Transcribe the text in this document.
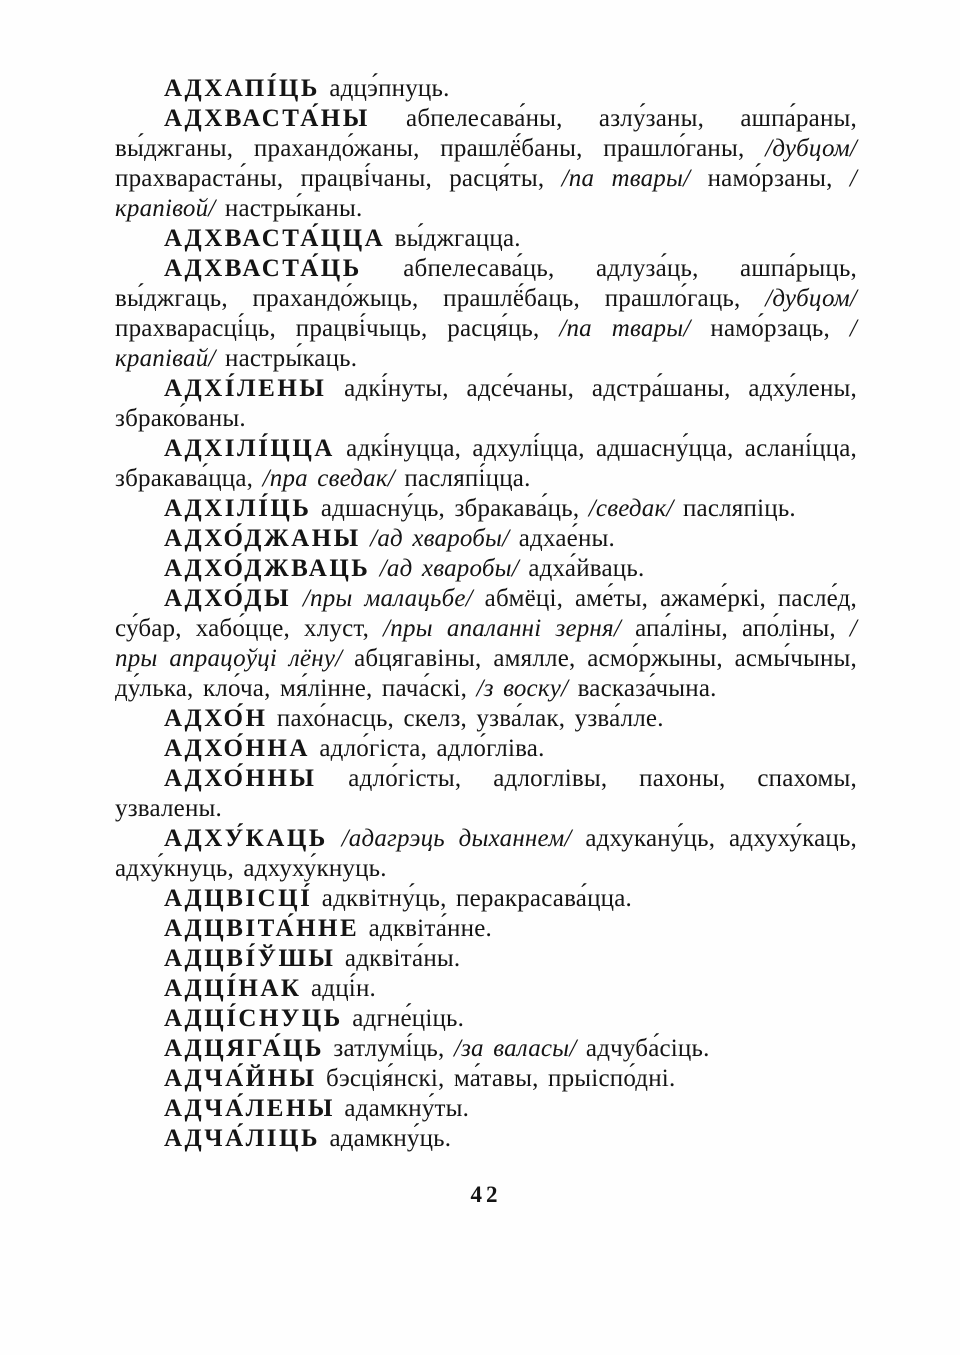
АДХАПІ́ЦЬ адцэ́пнуць.

АДХВАСТА́НЫ абпелесава́ны, азлу́заны, ашпа́раны, вы́джганы, прахандо́жаны, прашлё́баны, прашло́ганы, /дубцом/ прахвараста́ны, працві́чаны, расця́ты, /па твары/ намо́рзаны, /крапівой/ настры́каны.

АДХВАСТА́ЦЦА вы́джгацца.

АДХВАСТА́ЦЬ абпелесава́ць, адлуза́ць, ашпа́рыць, вы́джгаць, прахандо́жыць, прашлё́баць, прашло́гаць, /дубцом/ прахварасці́ць, працві́чыць, расця́ць, /па твары/ намо́рзаць, /крапівай/ настры́каць.

АДХІ́ЛЕНЫ адкі́нуты, адсе́чаны, адстра́шаны, адху́лены, збрако́ваны.

АДХІЛІ́ЦЦА адкі́нуцца, адхулі́цца, адшасну́цца, аслані́цца, збракава́цца, /пра сведак/ пасляпі́цца.

АДХІЛІ́ЦЬ адшасну́ць, збракава́ць, /сведак/ пасляпіць.

АДХО́ДЖАНЫ /ад хваробы/ адхае́ны.

АДХО́ДЖВАЦЬ /ад хваробы/ адха́йваць.

АДХО́ДЫ /пры малацьбе/ абмёці, аме́ты, ажаме́ркі, пасле́д, су́бар, хабо́цце, хлуст, /пры апаланні зерня/ апа́ліны, апо́ліны, /пры апрацоўці лёну/ абцягавіны, амялле, асмо́ржыны, асмы́чыны, ду́лька, кло́ча, мя́лінне, пача́скі, /з воску/ васказа́чына.

АДХО́Н пахо́насць, скелз, узва́лак, узва́лле.

АДХО́ННА адло́гіста, адло́гліва.

АДХО́ННЫ адло́гісты, адлоглівы, пахоны, спахомы, узвалены.

АДХУ́КАЦЬ /адагрэць дыханнем/ адхукану́ць, адхуху́каць, адху́кнуць, адхуху́кнуць.

АДЦВІСЦІ́ адквітну́ць, перакрасава́цца.

АДЦВІТА́ННЕ адквіта́нне.

АДЦВІ́ЎШЫ адквіта́ны.

АДЦІ́НАК адці́н.

АДЦІ́СНУЦЬ адгне́ціць.

АДЦЯГА́ЦЬ затлумі́ць, /за валасы/ адчуба́сіць.

АДЧА́ЙНЫ бэсція́нскі, ма́тавы, прыіспо́дні.

АДЧА́ЛЕНЫ адамкну́ты.

АДЧА́ЛІЦЬ адамкну́ць.

42
